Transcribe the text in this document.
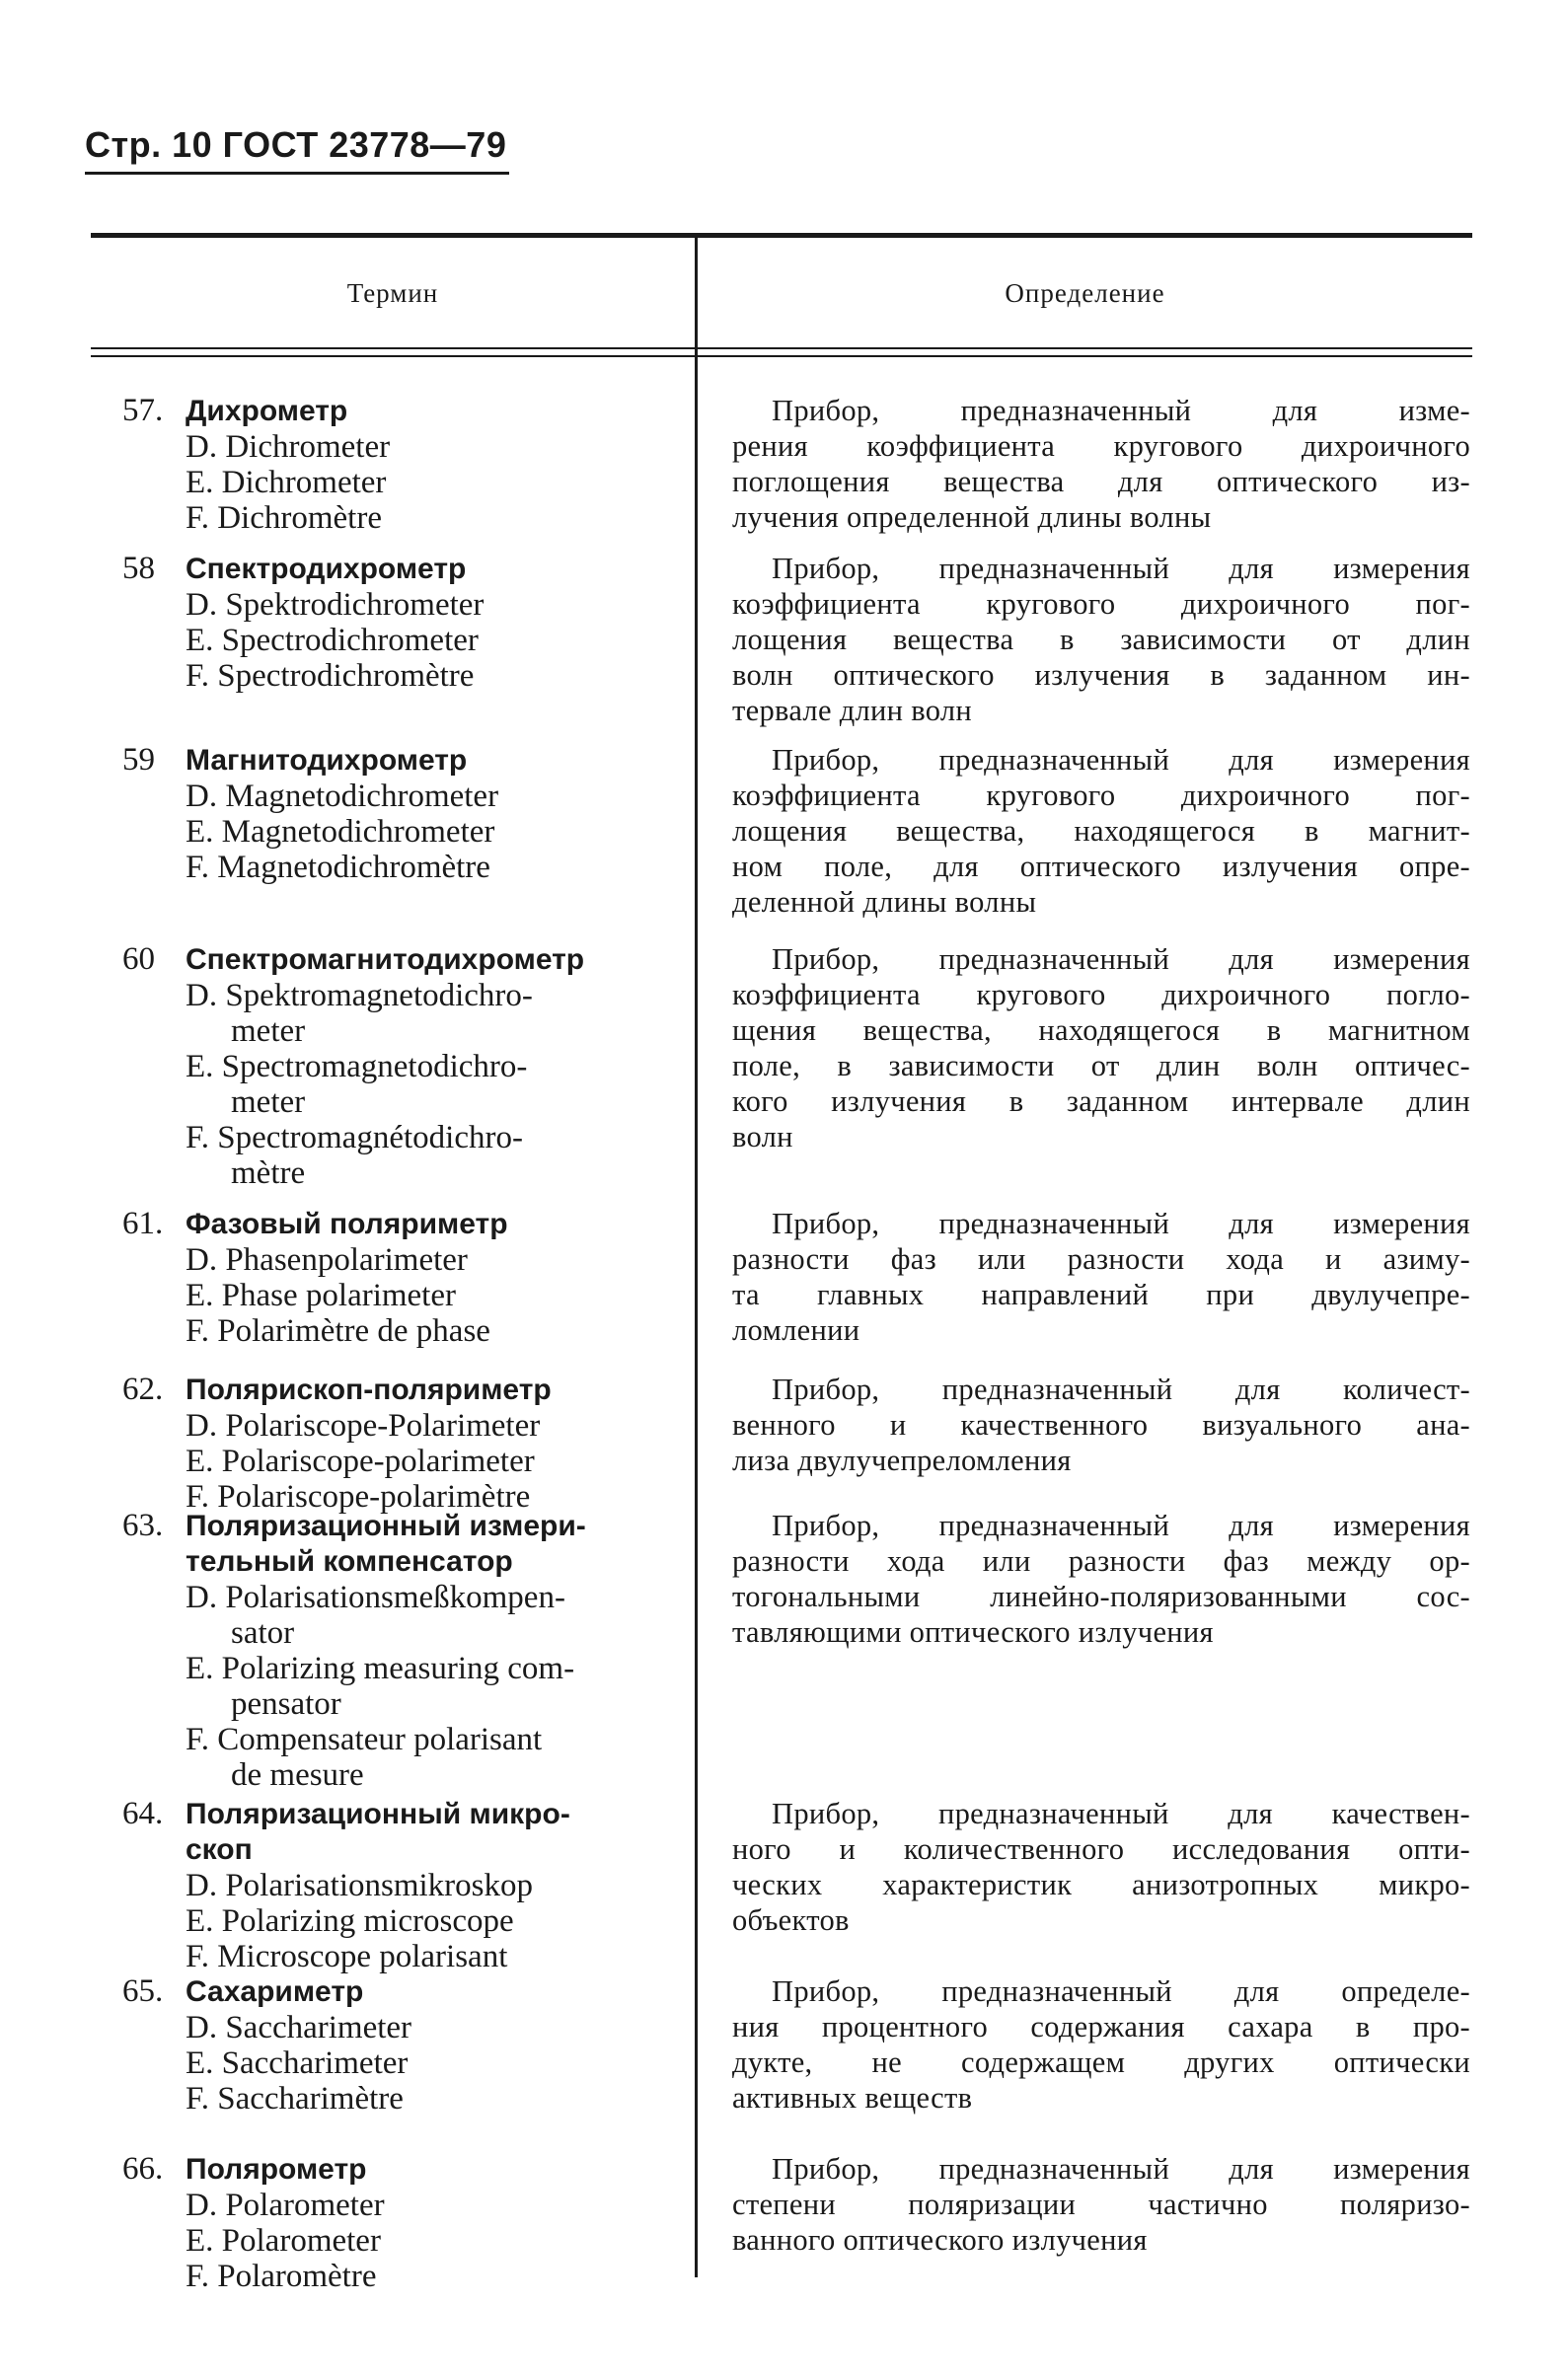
Стр. 10 ГОСТ 23778—79
Термин	Определение
57. Дихрометр
D. Dichrometer
E. Dichrometer
F. Dichromètre
Прибор, предназначенный для изме-
рения коэффициента кругового дихроичного
поглощения вещества для оптического из-
лучения определенной длины волны
58 Спектродихрометр
D. Spektrodichrometer
E. Spectrodichrometer
F. Spectrodichromètre
Прибор, предназначенный для измерения
коэффициента кругового дихроичного пог-
лощения вещества в зависимости от длин
волн оптического излучения в заданном ин-
тервале длин волн
59 Магнитодихрометр
D. Magnetodichrometer
E. Magnetodichrometer
F. Magnetodichromètre
Прибор, предназначенный для измерения
коэффициента кругового дихроичного пог-
лощения вещества, находящегося в магнит-
ном поле, для оптического излучения опре-
деленной длины волны
60 Спектромагнитодихрометр
D. Spektromagnetodichro-
meter
E. Spectromagnetodichro-
meter
F. Spectromagnétodichro-
mètre
Прибор, предназначенный для измерения
коэффициента кругового дихроичного погло-
щения вещества, находящегося в магнитном
поле, в зависимости от длин волн оптичес-
кого излучения в заданном интервале длин
волн
61. Фазовый поляриметр
D. Phasenpolarimeter
E. Phase polarimeter
F. Polarimètre de phase
Прибор, предназначенный для измерения
разности фаз или разности хода и азиму-
та главных направлений при двулучепре-
ломлении
62. Полярископ-поляриметр
D. Polariscope-Polarimeter
E. Polariscope-polarimeter
F. Polariscope-polarimètre
Прибор, предназначенный для количест-
венного и качественного визуального ана-
лиза двулучепреломления
63. Поляризационный измери-
тельный компенсатор
D. Polarisationsmeßkompen-
sator
E. Polarizing measuring com-
pensator
F. Compensateur polarisant
de mesure
Прибор, предназначенный для измерения
разности хода или разности фаз между ор-
тогональными линейно-поляризованными сос-
тавляющими оптического излучения
64. Поляризационный микро-
скоп
D. Polarisationsmikroskop
E. Polarizing microscope
F. Microscope polarisant
Прибор, предназначенный для качествен-
ного и количественного исследования опти-
ческих характеристик анизотропных микро-
объектов
65. Сахариметр
D. Saccharimeter
E. Saccharimeter
F. Saccharimètre
Прибор, предназначенный для определе-
ния процентного содержания сахара в про-
дукте, не содержащем других оптически
активных веществ
66. Полярометр
D. Polarometer
E. Polarometer
F. Polaromètre
Прибор, предназначенный для измерения
степени поляризации частично поляризо-
ванного оптического излучения
